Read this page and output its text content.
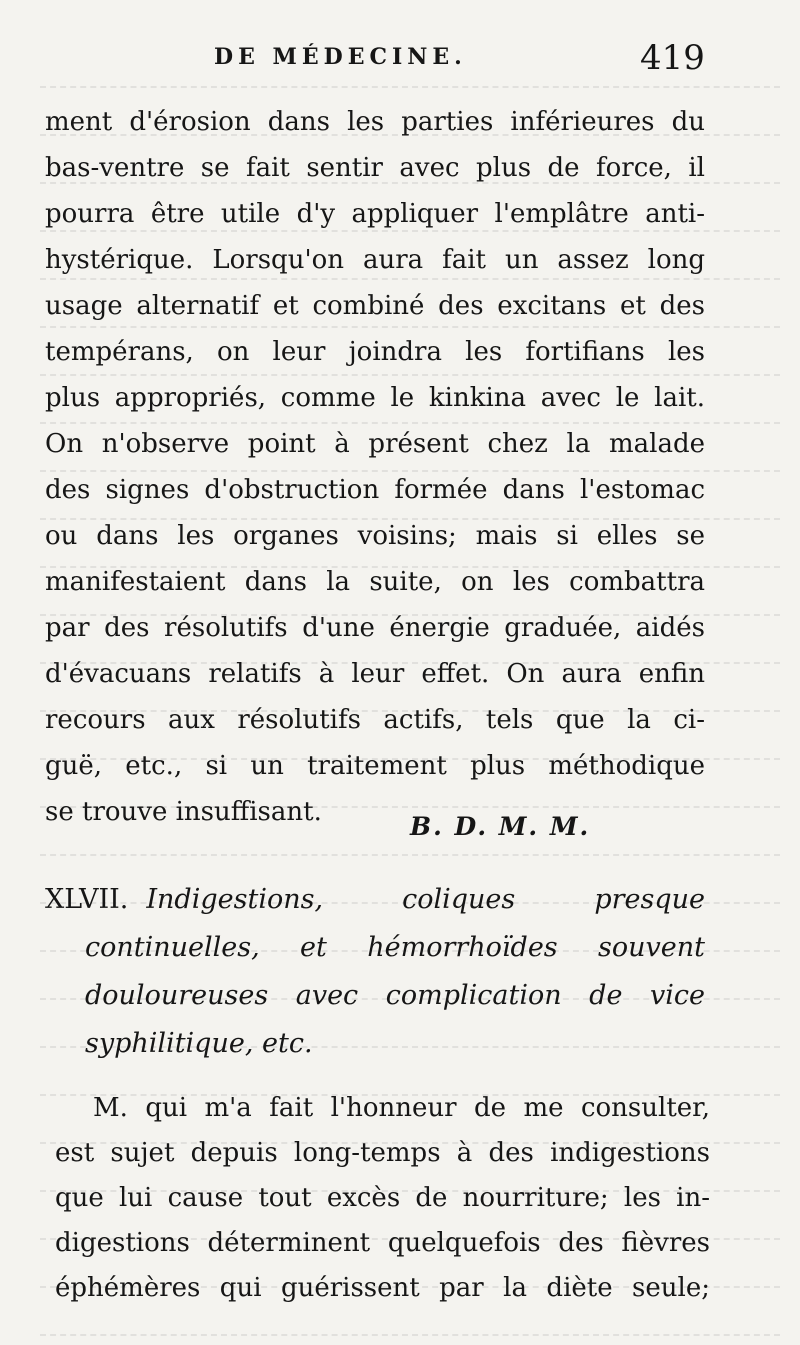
DE MÉDECINE.	419
ment d'érosion dans les parties inférieures du
bas-ventre se fait sentir avec plus de force, il
pourra être utile d'y appliquer l'emplâtre anti-
hystérique. Lorsqu'on aura fait un assez long
usage alternatif et combiné des excitans et des
tempérans, on leur joindra les fortifians les
plus appropriés, comme le kinkina avec le lait.
On n'observe point à présent chez la malade
des signes d'obstruction formée dans l'estomac
ou dans les organes voisins; mais si elles se
manifestaient dans la suite, on les combattra
par des résolutifs d'une énergie graduée, aidés
d'évacuans relatifs à leur effet. On aura enfin
recours aux résolutifs actifs, tels que la ci-
guë, etc., si un traitement plus méthodique
se trouve insuffisant.	B. D. M. M.
XLVII. Indigestions, coliques presque
continuelles, et hémorrhoïdes souvent
douloureuses avec complication de vice
syphilitique, etc.
M. qui m'a fait l'honneur de me consulter,
est sujet depuis long-temps à des indigestions
que lui cause tout excès de nourriture; les in-
digestions déterminent quelquefois des fièvres
éphémères qui guérissent par la diète seule;
